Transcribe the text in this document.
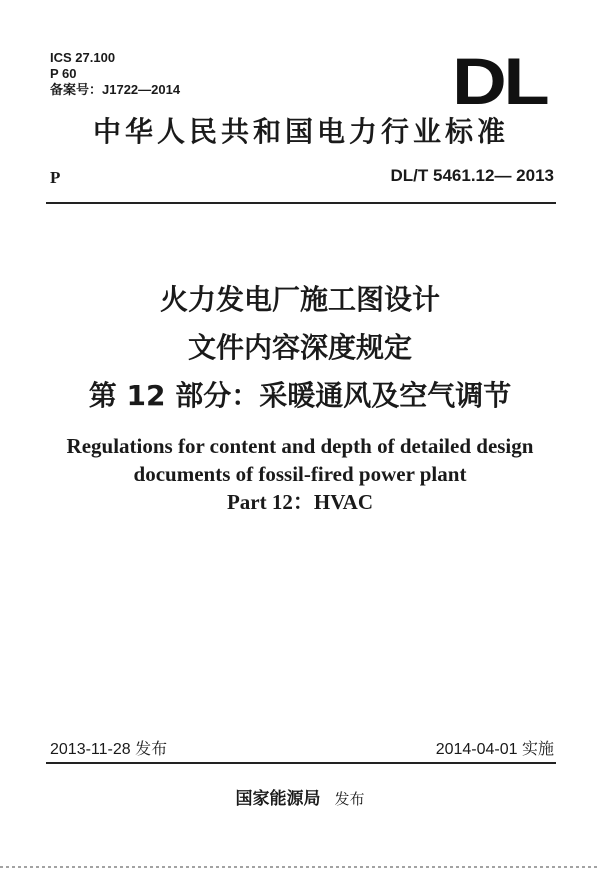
ICS 27.100
P 60
备案号：J1722—2014	DL
中华人民共和国电力行业标准
P	DL/T 5461.12— 2013
火力发电厂施工图设计
文件内容深度规定
第 12 部分：采暖通风及空气调节
Regulations for content and depth of detailed design
documents of fossil-fired power plant
Part 12：HVAC
2013-11-28 发布	2014-04-01 实施
国家能源局 发布
